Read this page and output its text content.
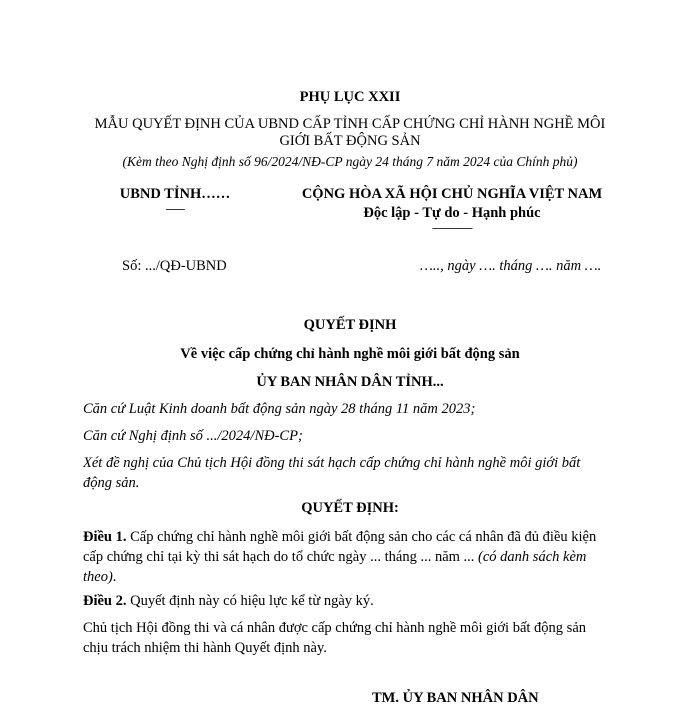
PHỤ LỤC XXII
MẪU QUYẾT ĐỊNH CỦA UBND CẤP TỈNH CẤP CHỨNG CHỈ HÀNH NGHỀ MÔI
GIỚI BẤT ĐỘNG SẢN
(Kèm theo Nghị định số 96/2024/NĐ-CP ngày 24 tháng 7 năm 2024 của Chính phủ)
UBND TỈNH……
-------
CỘNG HÒA XÃ HỘI CHỦ NGHĨA VIỆT NAM
Độc lập - Tự do - Hạnh phúc
---------------
Số: .../QĐ-UBND	….., ngày …. tháng …. năm ….
QUYẾT ĐỊNH
Về việc cấp chứng chỉ hành nghề môi giới bất động sản
ỦY BAN NHÂN DÂN TỈNH...
Căn cứ Luật Kinh doanh bất động sản ngày 28 tháng 11 năm 2023;
Căn cứ Nghị định số .../2024/NĐ-CP;
Xét đề nghị của Chủ tịch Hội đồng thi sát hạch cấp chứng chỉ hành nghề môi giới bất động sản.
QUYẾT ĐỊNH:
Điều 1. Cấp chứng chỉ hành nghề môi giới bất động sản cho các cá nhân đã đủ điều kiện cấp chứng chỉ tại kỳ thi sát hạch do tổ chức ngày ... tháng ... năm ... (có danh sách kèm theo).
Điều 2. Quyết định này có hiệu lực kể từ ngày ký.
Chủ tịch Hội đồng thi và cá nhân được cấp chứng chỉ hành nghề môi giới bất động sản chịu trách nhiệm thi hành Quyết định này.
TM. ỦY BAN NHÂN DÂN
